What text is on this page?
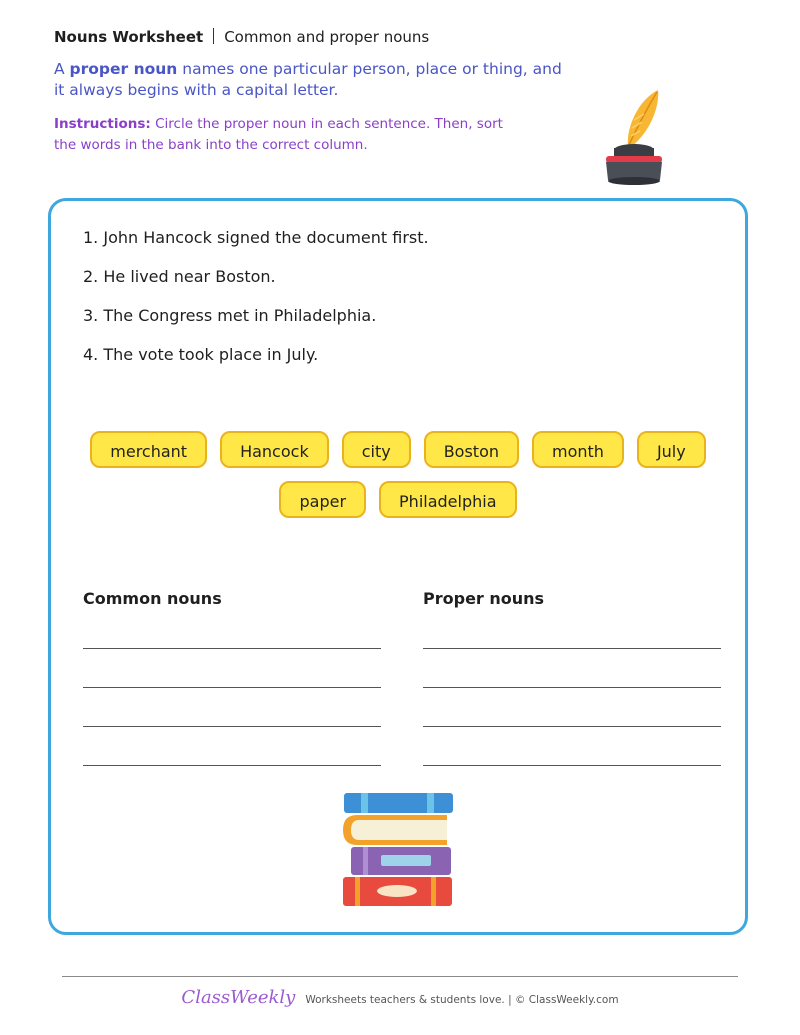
Nouns Worksheet Common and proper nouns
A proper noun names one particular person, place or thing, and it always begins with a capital letter.
Instructions: Circle the proper noun in each sentence. Then, sort the words in the bank into the correct column.
1. John Hancock signed the document first.
2. He lived near Boston.
3. The Congress met in Philadelphia.
4. The vote took place in July.
merchant	Hancock	city	Boston	month	July
paper	Philadelphia
Common nouns	Proper nouns
ClassWeekly Worksheets teachers & students love. | © ClassWeekly.com
